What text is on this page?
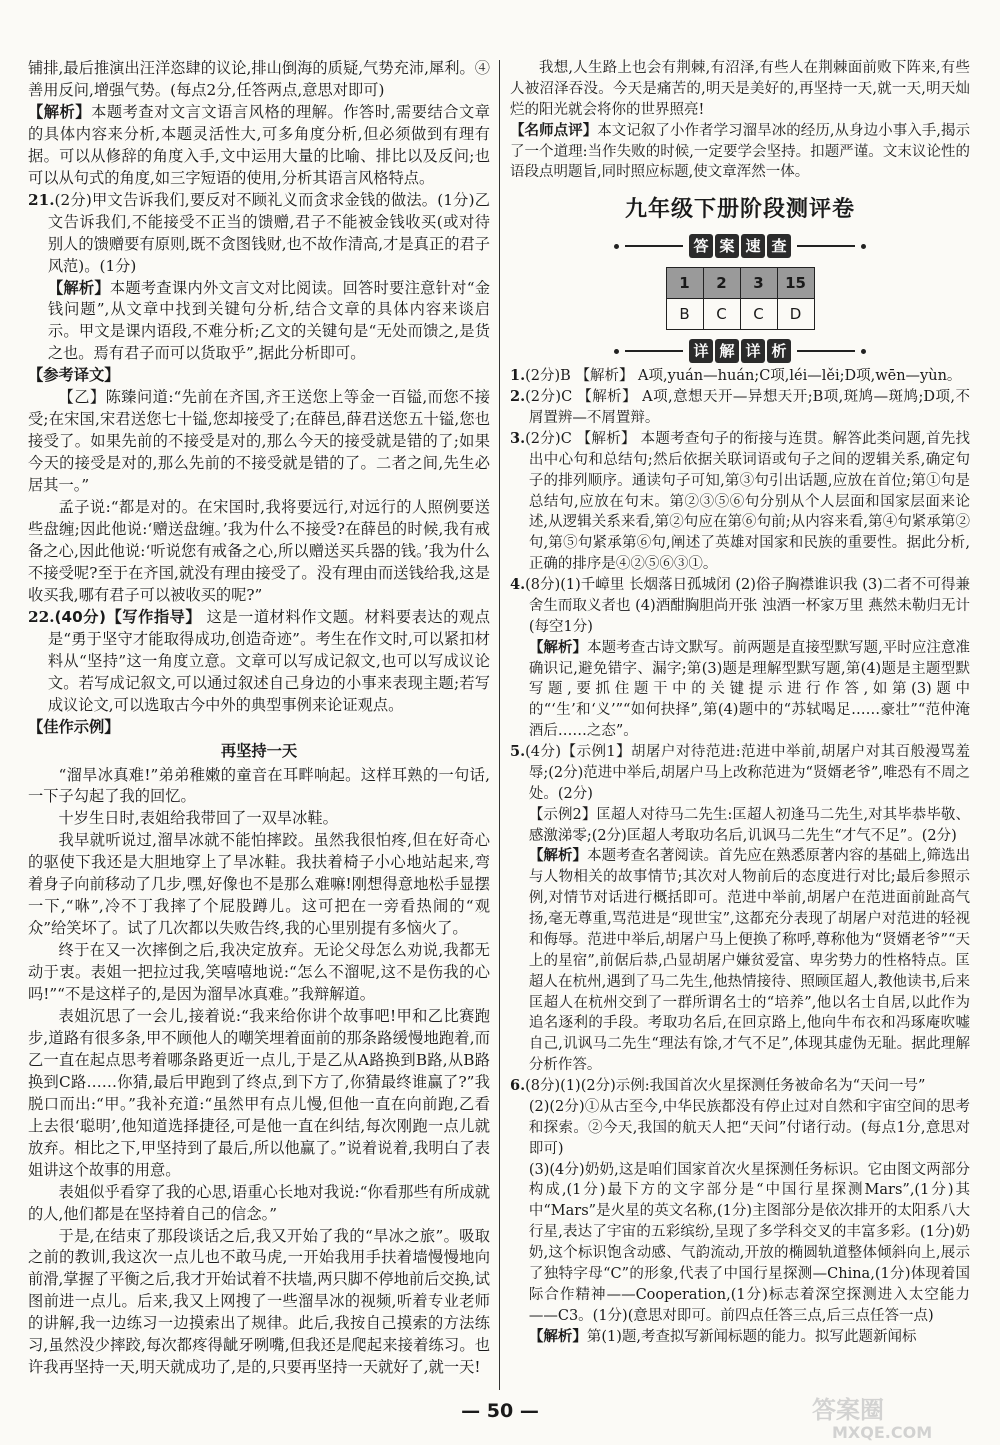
铺排,最后推演出汪洋恣肆的议论,排山倒海的质疑,气势充沛,犀利。④善用反问,增强气势。(每点2分,任答两点,意思对即可)

【解析】本题考查对文言文语言风格的理解。作答时,需要结合文章的具体内容来分析,本题灵活性大,可多角度分析,但必须做到有理有据。可以从修辞的角度入手,文中运用大量的比喻、排比以及反问;也可以从句式的角度,如三字短语的使用,分析其语言风格特点。

21.(2分)甲文告诉我们,要反对不顾礼义而贪求金钱的做法。(1分)乙文告诉我们,不能接受不正当的馈赠,君子不能被金钱收买(或对待别人的馈赠要有原则,既不贪图钱财,也不故作清高,才是真正的君子风范)。(1分)

【解析】本题考查课内外文言文对比阅读。回答时要注意针对“金钱问题”,从文章中找到关键句分析,结合文章的具体内容来谈启示。甲文是课内语段,不难分析;乙文的关键句是“无处而馈之,是货之也。焉有君子而可以货取乎”,据此分析即可。

【参考译文】

【乙】陈臻问道:“先前在齐国,齐王送您上等金一百镒,而您不接受;在宋国,宋君送您七十镒,您却接受了;在薛邑,薛君送您五十镒,您也接受了。如果先前的不接受是对的,那么今天的接受就是错的了;如果今天的接受是对的,那么先前的不接受就是错的了。二者之间,先生必居其一。”

孟子说:“都是对的。在宋国时,我将要远行,对远行的人照例要送些盘缠;因此他说:‘赠送盘缠。’我为什么不接受?在薛邑的时候,我有戒备之心,因此他说:‘听说您有戒备之心,所以赠送买兵器的钱。’我为什么不接受呢?至于在齐国,就没有理由接受了。没有理由而送钱给我,这是收买我,哪有君子可以被收买的呢?”

22.(40分)【写作指导】 这是一道材料作文题。材料要表达的观点是“勇于坚守才能取得成功,创造奇迹”。考生在作文时,可以紧扣材料从“坚持”这一角度立意。文章可以写成记叙文,也可以写成议论文。若写成记叙文,可以通过叙述自己身边的小事来表现主题;若写成议论文,可以选取古今中外的典型事例来论证观点。

【佳作示例】

再坚持一天

“溜旱冰真难!”弟弟稚嫩的童音在耳畔响起。这样耳熟的一句话,一下子勾起了我的回忆。

十岁生日时,表姐给我带回了一双旱冰鞋。

我早就听说过,溜旱冰就不能怕摔跤。虽然我很怕疼,但在好奇心的驱使下我还是大胆地穿上了旱冰鞋。我扶着椅子小心地站起来,弯着身子向前移动了几步,嘿,好像也不是那么难嘛!刚想得意地松手显摆一下,“咻”,冷不丁我摔了个屁股蹲儿。这可把在一旁看热闹的“观众”给笑坏了。试了几次都以失败告终,我的心里别提有多恼火了。

终于在又一次摔倒之后,我决定放弃。无论父母怎么劝说,我都无动于衷。表姐一把拉过我,笑嘻嘻地说:“怎么不溜呢,这不是伤我的心吗!”“不是这样子的,是因为溜旱冰真难。”我辩解道。

表姐沉思了一会儿,接着说:“我来给你讲个故事吧!甲和乙比赛跑步,道路有很多条,甲不顾他人的嘲笑埋着面前的那条路缓慢地跑着,而乙一直在起点思考着哪条路更近一点儿,于是乙从A路换到B路,从B路换到C路……你猜,最后甲跑到了终点,到下方了,你猜最终谁赢了?”我脱口而出:“甲。”我补充道:“虽然甲有点儿慢,但他一直在向前跑,乙看上去很‘聪明’,他知道选择捷径,可是他一直在纠结,每次刚跑一点儿就放弃。相比之下,甲坚持到了最后,所以他赢了。”说着说着,我明白了表姐讲这个故事的用意。

表姐似乎看穿了我的心思,语重心长地对我说:“你看那些有所成就的人,他们都是在坚持着自己的信念。”

于是,在结束了那段谈话之后,我又开始了我的“旱冰之旅”。吸取之前的教训,我这次一点儿也不敢马虎,一开始我用手扶着墙慢慢地向前滑,掌握了平衡之后,我才开始试着不扶墙,两只脚不停地前后交换,试图前进一点儿。后来,我又上网搜了一些溜旱冰的视频,听着专业老师的讲解,我一边练习一边摸索出了规律。此后,我按自己摸索的方法练习,虽然没少摔跤,每次都疼得龇牙咧嘴,但我还是爬起来接着练习。也许我再坚持一天,明天就成功了,是的,只要再坚持一天就好了,就一天!

我想,人生路上也会有荆棘,有沼泽,有些人在荆棘面前败下阵来,有些人被沼泽吞没。今天是痛苦的,明天是美好的,再坚持一天,就一天,明天灿烂的阳光就会将你的世界照亮!

【名师点评】本文记叙了小作者学习溜旱冰的经历,从身边小事入手,揭示了一个道理:当作失败的时候,一定要学会坚持。扣题严谨。文末议论性的语段点明题旨,同时照应标题,使文章浑然一体。

九年级下册阶段测评卷
答 案 速 查
1	2	3	15
B	C	C	D
详 解 详 析

1.(2分)B 【解析】 A项,yuán—huán;C项,léi—lěi;D项,wēn—yùn。

2.(2分)C 【解析】 A项,意想天开—异想天开;B项,斑鸠—斑鸠;D项,不屑置辨—不屑置辩。

3.(2分)C 【解析】 本题考查句子的衔接与连贯。解答此类问题,首先找出中心句和总结句;然后依据关联词语或句子之间的逻辑关系,确定句子的排列顺序。通读句子可知,第③句引出话题,应放在首位;第①句是总结句,应放在句末。第②③⑤⑥句分别从个人层面和国家层面来论述,从逻辑关系来看,第②句应在第⑥句前;从内容来看,第④句紧承第②句,第⑤句紧承第⑥句,阐述了英雄对国家和民族的重要性。据此分析,正确的排序是④②⑤⑥③①。

4.(8分)(1)千嶂里 长烟落日孤城闭 (2)俗子胸襟谁识我 (3)二者不可得兼 舍生而取义者也 (4)酒酣胸胆尚开张 浊酒一杯家万里 燕然未勒归无计(每空1分)

【解析】本题考查古诗文默写。前两题是直接型默写题,平时应注意准确识记,避免错字、漏字;第(3)题是理解型默写题,第(4)题是主题型默写题,要抓住题干中的关键提示进行作答,如第(3)题中的“‘生’和‘义’”“如何抉择”,第(4)题中的“苏轼喝足……豪壮”“范仲淹酒后……之态”。

5.(4分)【示例1】胡屠户对待范进:范进中举前,胡屠户对其百般漫骂羞辱;(2分)范进中举后,胡屠户马上改称范进为“贤婿老爷”,唯恐有不周之处。(2分)

【示例2】匡超人对待马二先生:匡超人初逢马二先生,对其毕恭毕敬、感激涕零;(2分)匡超人考取功名后,讥讽马二先生“才气不足”。(2分)

【解析】本题考查名著阅读。首先应在熟悉原著内容的基础上,筛选出与人物相关的故事情节;其次对人物前后的态度进行对比;最后参照示例,对情节对话进行概括即可。范进中举前,胡屠户在范进面前趾高气扬,毫无尊重,骂范进是“现世宝”,这都充分表现了胡屠户对范进的轻视和侮辱。范进中举后,胡屠户马上便换了称呼,尊称他为“贤婿老爷”“天上的星宿”,前倨后恭,凸显胡屠户嫌贫爱富、卑劣势力的性格特点。匡超人在杭州,遇到了马二先生,他热情接待、照顾匡超人,教他读书,后来匡超人在杭州交到了一群所谓名士的“培养”,他以名士自居,以此作为追名逐利的手段。考取功名后,在回京路上,他向牛布衣和冯琢庵吹嘘自己,讥讽马二先生“理法有馀,才气不足”,体现其虚伪无耻。据此理解分析作答。

6.(8分)(1)(2分)示例:我国首次火星探测任务被命名为“天问一号”

(2)(2分)①从古至今,中华民族都没有停止过对自然和宇宙空间的思考和探索。②今天,我国的航天人把“天问”付诸行动。(每点1分,意思对即可)

(3)(4分)奶奶,这是咱们国家首次火星探测任务标识。它由图文两部分构成,(1分)最下方的文字部分是“中国行星探测Mars”,(1分)其中“Mars”是火星的英文名称,(1分)主图部分是依次排开的太阳系八大行星,表达了宇宙的五彩缤纷,呈现了多学科交叉的丰富多彩。(1分)奶奶,这个标识饱含动感、气韵流动,开放的椭圆轨道整体倾斜向上,展示了独特字母“C”的形象,代表了中国行星探测—China,(1分)体现着国际合作精神——Cooperation,(1分)标志着深空探测进入太空能力——C3。(1分)(意思对即可。前四点任答三点,后三点任答一点)

【解析】第(1)题,考查拟写新闻标题的能力。拟写此题新闻标

— 50 —	答案圈
MXQE.COM
